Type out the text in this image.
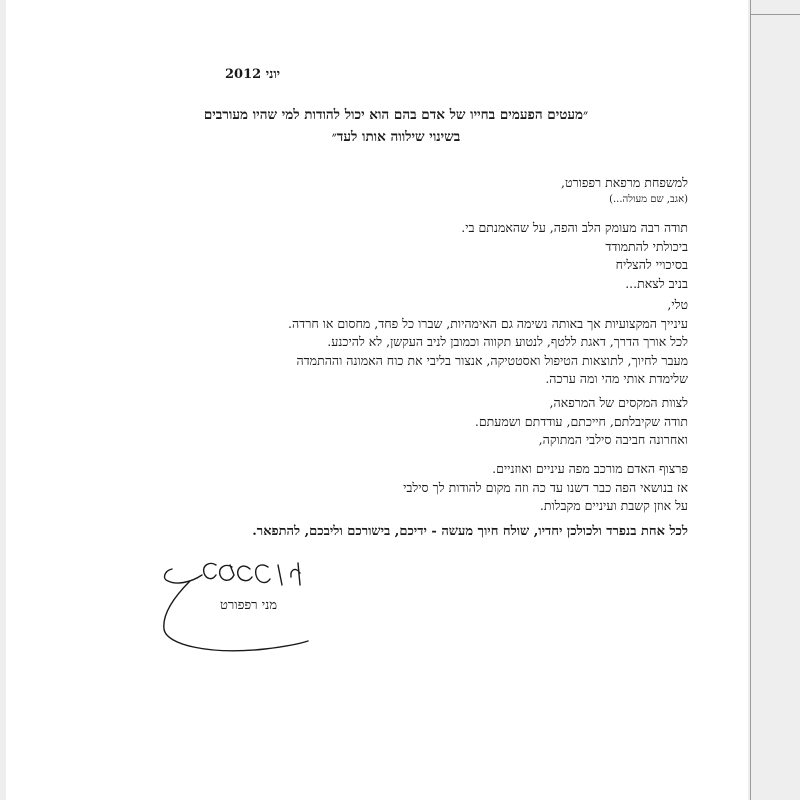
יוני 2012
״מעטים הפעמים בחייו של אדם בהם הוא יכול להודות למי שהיו מעורבים
בשינוי שילווה אותו לעד״
למשפחת מרפאת רפפורט,
(אגב, שם מעולה...)
תודה רבה מעומק הלב והפה, על שהאמנתם בי.
ביכולתי להתמודד
בסיכויי להצליח
בניב לצאת...
טלי,
עינייך המקצועיות אך באותה נשימה גם האימהיות, שברו כל פחד, מחסום או חרדה.
לכל אורך הדרך, דאגת ללטף, לנטוע תקווה וכמובן לניב העקשן, לא להיכנע.
מעבר לחיוך, לתוצאות הטיפול ואסטטיקה, אנצור בליבי את כוח האמונה וההתמדה
שלימדת אותי מהי ומה ערכה.
לצוות המקסים של המרפאה,
תודה שקיבלתם, חייכתם, עודדתם ושמעתם.
ואחרונה חביבה סילבי המתוקה,
פרצוף האדם מורכב מפה עיניים ואוזניים.
אז בנושאי הפה כבר דשנו עד כה וזה מקום להודות לך סילבי
על אוזן קשבת ועיניים מקבלות.
לכל אחת בנפרד ולכולכן יחדיו, שולח חיוך מעשה - ידיכם, בישורכם וליבכם, להתפאר.
מני רפפורט
